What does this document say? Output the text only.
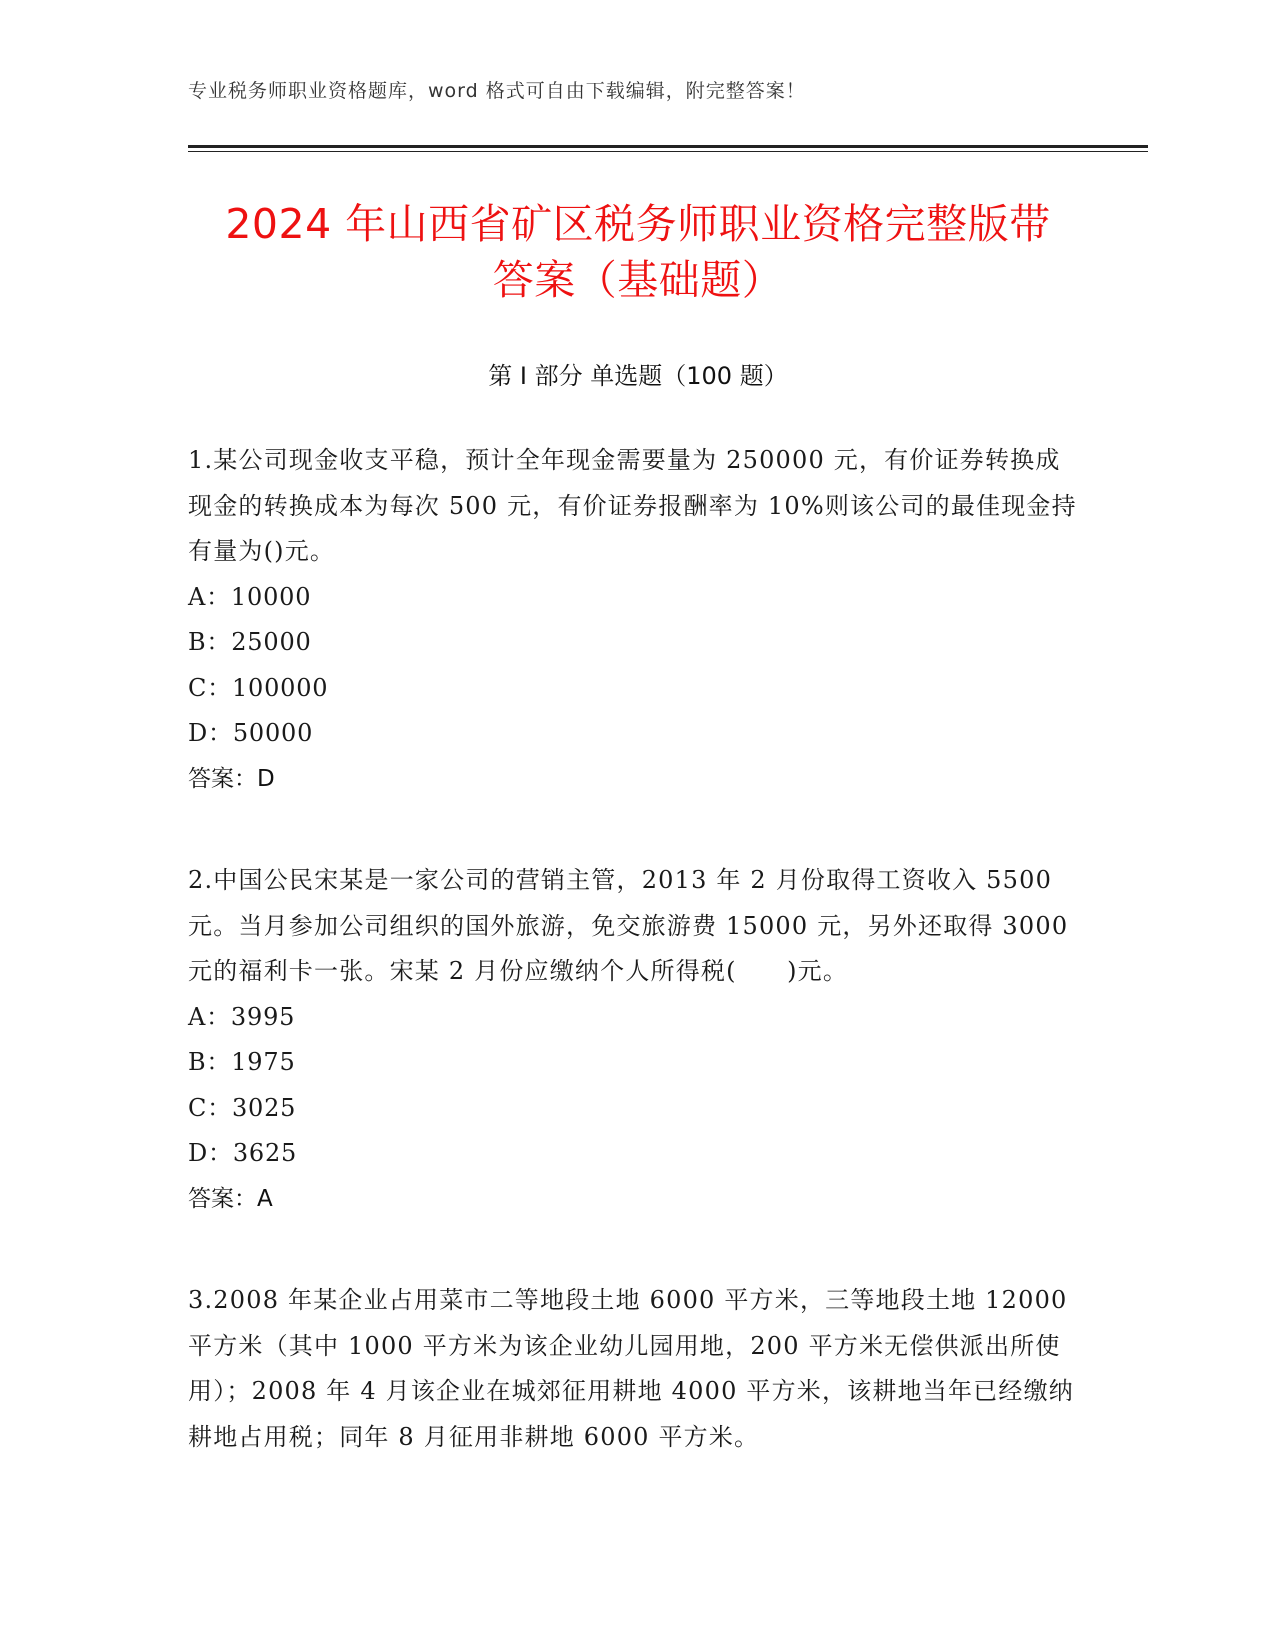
专业税务师职业资格题库，word 格式可自由下载编辑，附完整答案！
2024 年山西省矿区税务师职业资格完整版带
答案（基础题）
第 I 部分 单选题（100 题）

1.某公司现金收支平稳，预计全年现金需要量为 250000 元，有价证券转换成现金的转换成本为每次 500 元，有价证券报酬率为 10%则该公司的最佳现金持有量为()元。

A：10000

B：25000

C：100000

D：50000

答案：D

2.中国公民宋某是一家公司的营销主管，2013 年 2 月份取得工资收入 5500 元。当月参加公司组织的国外旅游，免交旅游费 15000 元，另外还取得 3000 元的福利卡一张。宋某 2 月份应缴纳个人所得税(　　)元。

A：3995

B：1975

C：3025

D：3625

答案：A

3.2008 年某企业占用菜市二等地段土地 6000 平方米，三等地段土地 12000 平方米（其中 1000 平方米为该企业幼儿园用地，200 平方米无偿供派出所使用）；2008 年 4 月该企业在城郊征用耕地 4000 平方米，该耕地当年已经缴纳耕地占用税；同年 8 月征用非耕地 6000 平方米。
